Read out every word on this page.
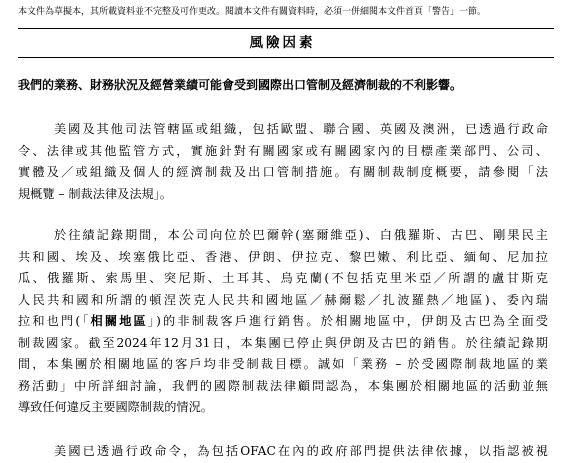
本文件為草擬本，其所載資料並不完整及可作更改。閱讀本文件有關資料時，必須一併細閱本文件首頁「警告」一節。
風險因素
我們的業務、財務狀況及經營業績可能會受到國際出口管制及經濟制裁的不利影響。
美國及其他司法管轄區或組織，包括歐盟、聯合國、英國及澳洲，已透過行政命
令、法律或其他監管方式，實施針對有關國家或有關國家內的目標產業部門、公司、
實體及／或組織及個人的經濟制裁及出口管制措施。有關制裁制度概要，請參閱「法
規概覽 – 制裁法律及法規」。
於往績記錄期間，本公司向位於巴爾幹(塞爾維亞)、白俄羅斯、古巴、剛果民主
共和國、埃及、埃塞俄比亞、香港、伊朗、伊拉克、黎巴嫩、利比亞、緬甸、尼加拉
瓜、俄羅斯、索馬里、突尼斯、土耳其、烏克蘭(不包括克里米亞／所謂的盧甘斯克
人民共和國和所謂的頓涅茨克人民共和國地區／赫爾鬆／扎波羅熱／地區)、委內瑞
拉和也門(「相關地區」)的非制裁客戶進行銷售。於相關地區中，伊朗及古巴為全面受
制裁國家。截至2024年12月31日，本集團已停止與伊朗及古巴的銷售。於往績記錄期
間，本集團於相關地區的客戶均非受制裁目標。誠如「業務 – 於受國際制裁地區的業
務活動」中所詳細討論，我們的國際制裁法律顧問認為，本集團於相關地區的活動並無
導致任何違反主要國際制裁的情況。
美國已透過行政命令，為包括OFAC在內的政府部門提供法律依據，以指認被視
